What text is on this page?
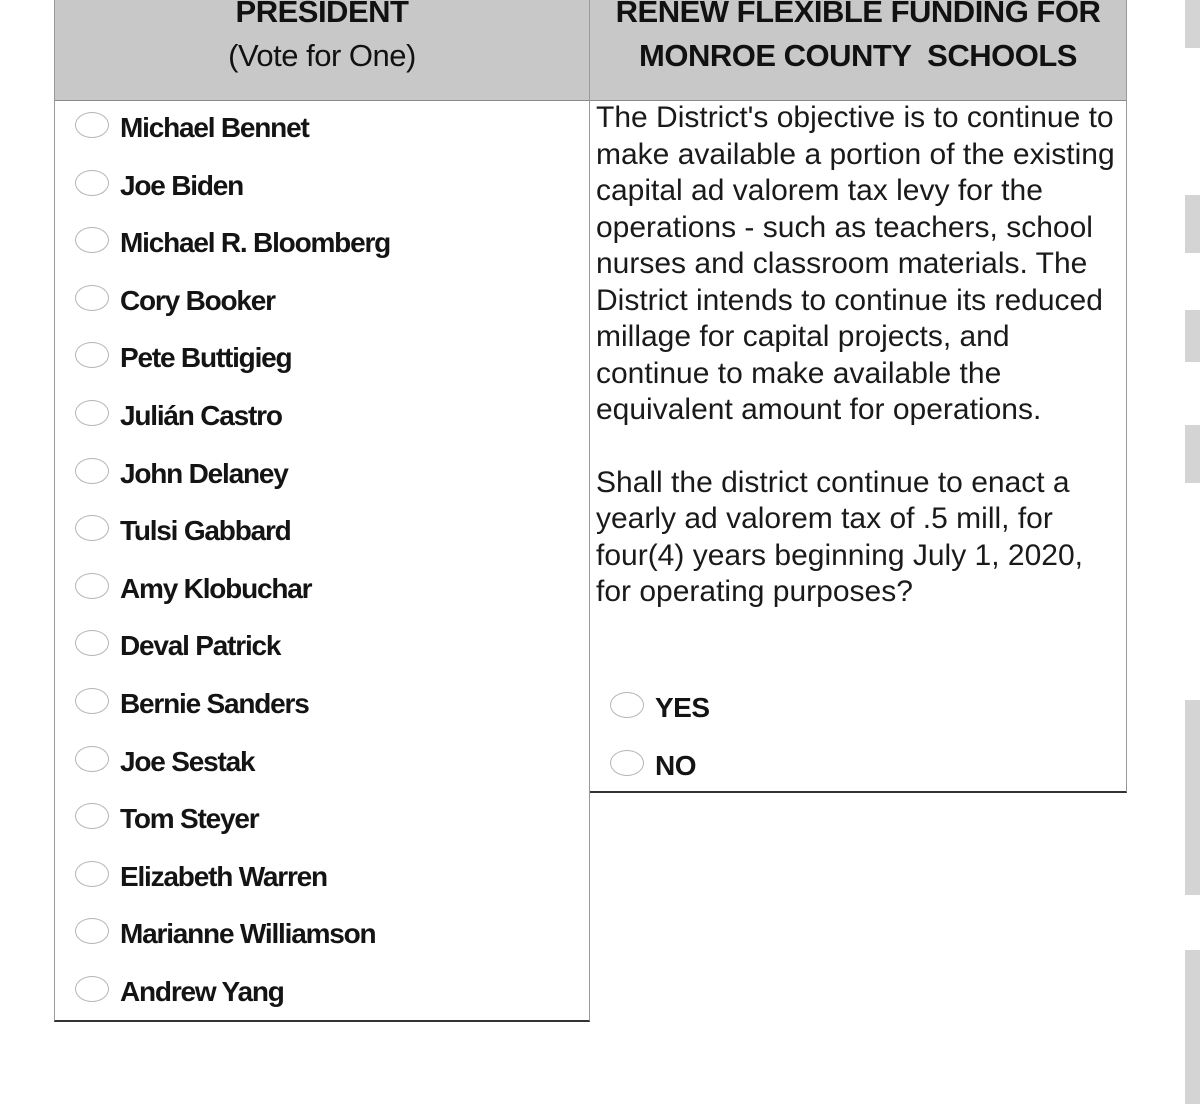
PRESIDENT
(Vote for One)
Michael Bennet
Joe Biden
Michael R. Bloomberg
Cory Booker
Pete Buttigieg
Julián Castro
John Delaney
Tulsi Gabbard
Amy Klobuchar
Deval Patrick
Bernie Sanders
Joe Sestak
Tom Steyer
Elizabeth Warren
Marianne Williamson
Andrew Yang
RENEW FLEXIBLE FUNDING FOR
MONROE COUNTY  SCHOOLS

The District's objective is to continue to make available a portion of the existing capital ad valorem tax levy for the operations - such as teachers, school nurses and classroom materials. The District intends to continue its reduced millage for capital projects, and continue to make available the equivalent amount for operations.

Shall the district continue to enact a yearly ad valorem tax of .5 mill, for four(4) years beginning July 1, 2020, for operating purposes?

YES
NO
